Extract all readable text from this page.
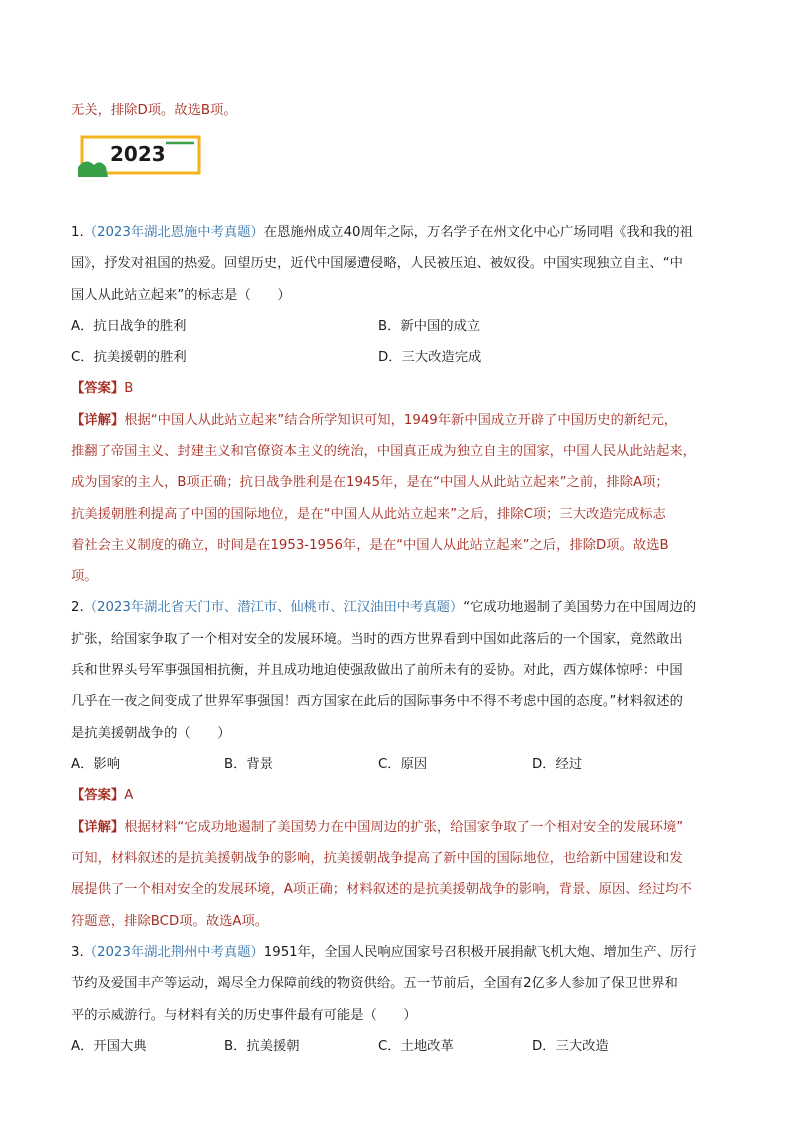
无关，排除D项。故选B项。
2023
1.（2023年湖北恩施中考真题）在恩施州成立40周年之际，万名学子在州文化中心广场同唱《我和我的祖
国》，抒发对祖国的热爱。回望历史，近代中国屡遭侵略，人民被压迫、被奴役。中国实现独立自主、“中
国人从此站立起来”的标志是（　　）
A．抗日战争的胜利	B．新中国的成立
C．抗美援朝的胜利	D．三大改造完成
【答案】B
【详解】根据“中国人从此站立起来”结合所学知识可知，1949年新中国成立开辟了中国历史的新纪元，
推翻了帝国主义、封建主义和官僚资本主义的统治，中国真正成为独立自主的国家，中国人民从此站起来，
成为国家的主人，B项正确；抗日战争胜利是在1945年，是在“中国人从此站立起来”之前，排除A项；
抗美援朝胜利提高了中国的国际地位，是在“中国人从此站立起来”之后，排除C项；三大改造完成标志
着社会主义制度的确立，时间是在1953-1956年，是在“中国人从此站立起来”之后，排除D项。故选B
项。
2.（2023年湖北省天门市、潜江市、仙桃市、江汉油田中考真题）“它成功地遏制了美国势力在中国周边的
扩张，给国家争取了一个相对安全的发展环境。当时的西方世界看到中国如此落后的一个国家，竟然敢出
兵和世界头号军事强国相抗衡，并且成功地迫使强敌做出了前所未有的妥协。对此，西方媒体惊呼：中国
几乎在一夜之间变成了世界军事强国！西方国家在此后的国际事务中不得不考虑中国的态度。”材料叙述的
是抗美援朝战争的（　　）
A．影响	B．背景	C．原因	D．经过
【答案】A
【详解】根据材料“它成功地遏制了美国势力在中国周边的扩张，给国家争取了一个相对安全的发展环境”
可知，材料叙述的是抗美援朝战争的影响，抗美援朝战争提高了新中国的国际地位，也给新中国建设和发
展提供了一个相对安全的发展环境，A项正确；材料叙述的是抗美援朝战争的影响，背景、原因、经过均不
符题意，排除BCD项。故选A项。
3.（2023年湖北荆州中考真题）1951年，全国人民响应国家号召积极开展捐献飞机大炮、增加生产、厉行
节约及爱国丰产等运动，竭尽全力保障前线的物资供给。五一节前后，全国有2亿多人参加了保卫世界和
平的示威游行。与材料有关的历史事件最有可能是（　　）
A．开国大典	B．抗美援朝	C．土地改革	D．三大改造
